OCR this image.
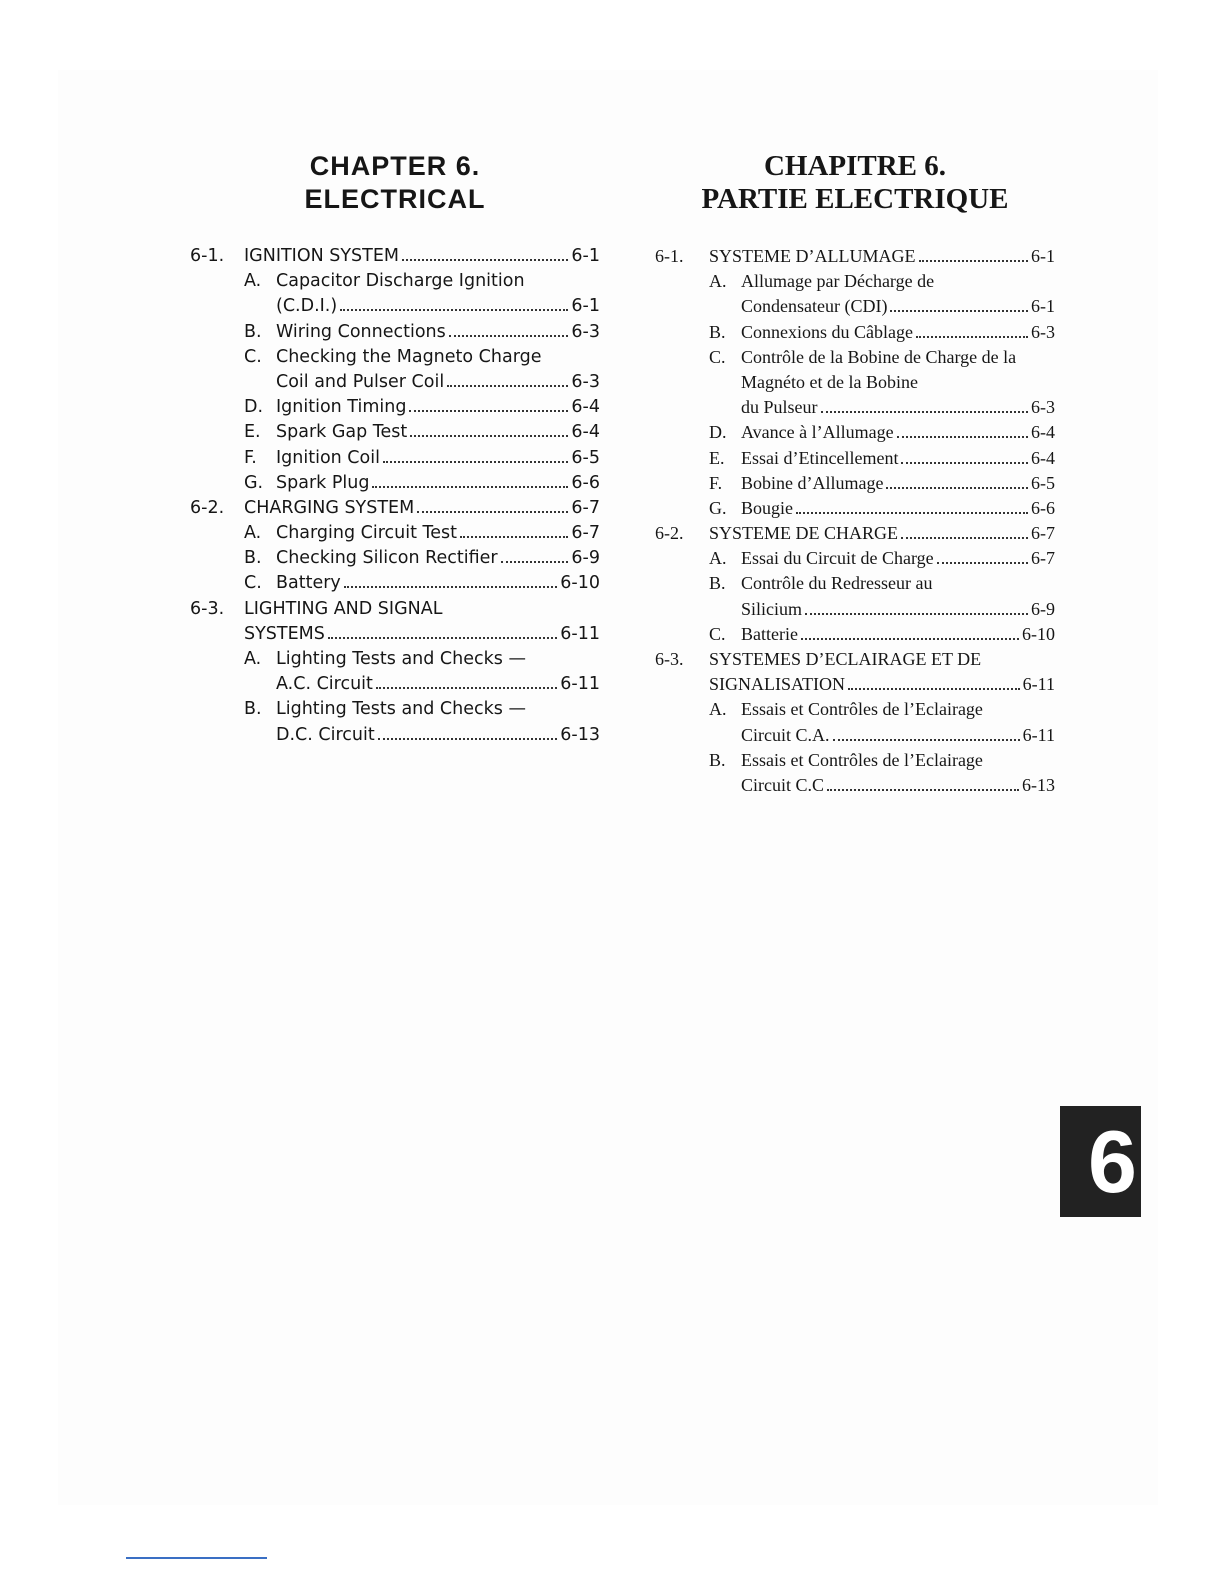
CHAPTER 6.
ELECTRICAL
6-1.	IGNITION SYSTEM	6-1
A. Capacitor Discharge Ignition
(C.D.I.)	6-1
B. Wiring Connections	6-3
C. Checking the Magneto Charge
Coil and Pulser Coil	6-3
D. Ignition Timing	6-4
E. Spark Gap Test	6-4
F.	Ignition Coil	6-5
G. Spark Plug	6-6
6-2.	CHARGING SYSTEM	6-7
A. Charging Circuit Test	6-7
B. Checking Silicon Rectifier	6-9
C. Battery	6-10
6-3.	LIGHTING AND SIGNAL
SYSTEMS	6-11
A. Lighting Tests and Checks —
A.C. Circuit	6-11
B. Lighting Tests and Checks —
D.C. Circuit	6-13
CHAPITRE 6.
PARTIE ELECTRIQUE
6-1.	SYSTEME D’ALLUMAGE	6-1
A. Allumage par Décharge de
Condensateur (CDI)	6-1
B. Connexions du Câblage	6-3
C. Contrôle de la Bobine de Charge de la
Magnéto et de la Bobine
du Pulseur	6-3
D. Avance à l’Allumage	6-4
E. Essai d’Etincellement	6-4
F.	Bobine d’Allumage	6-5
G. Bougie	6-6
6-2.	SYSTEME DE CHARGE	6-7
A. Essai du Circuit de Charge	6-7
B. Contrôle du Redresseur au
Silicium	6-9
C. Batterie	6-10
6-3.	SYSTEMES D’ECLAIRAGE ET DE
SIGNALISATION	6-11
A. Essais et Contrôles de l’Eclairage
Circuit C.A.	6-11
B. Essais et Contrôles de l’Eclairage
Circuit C.C	6-13
6
